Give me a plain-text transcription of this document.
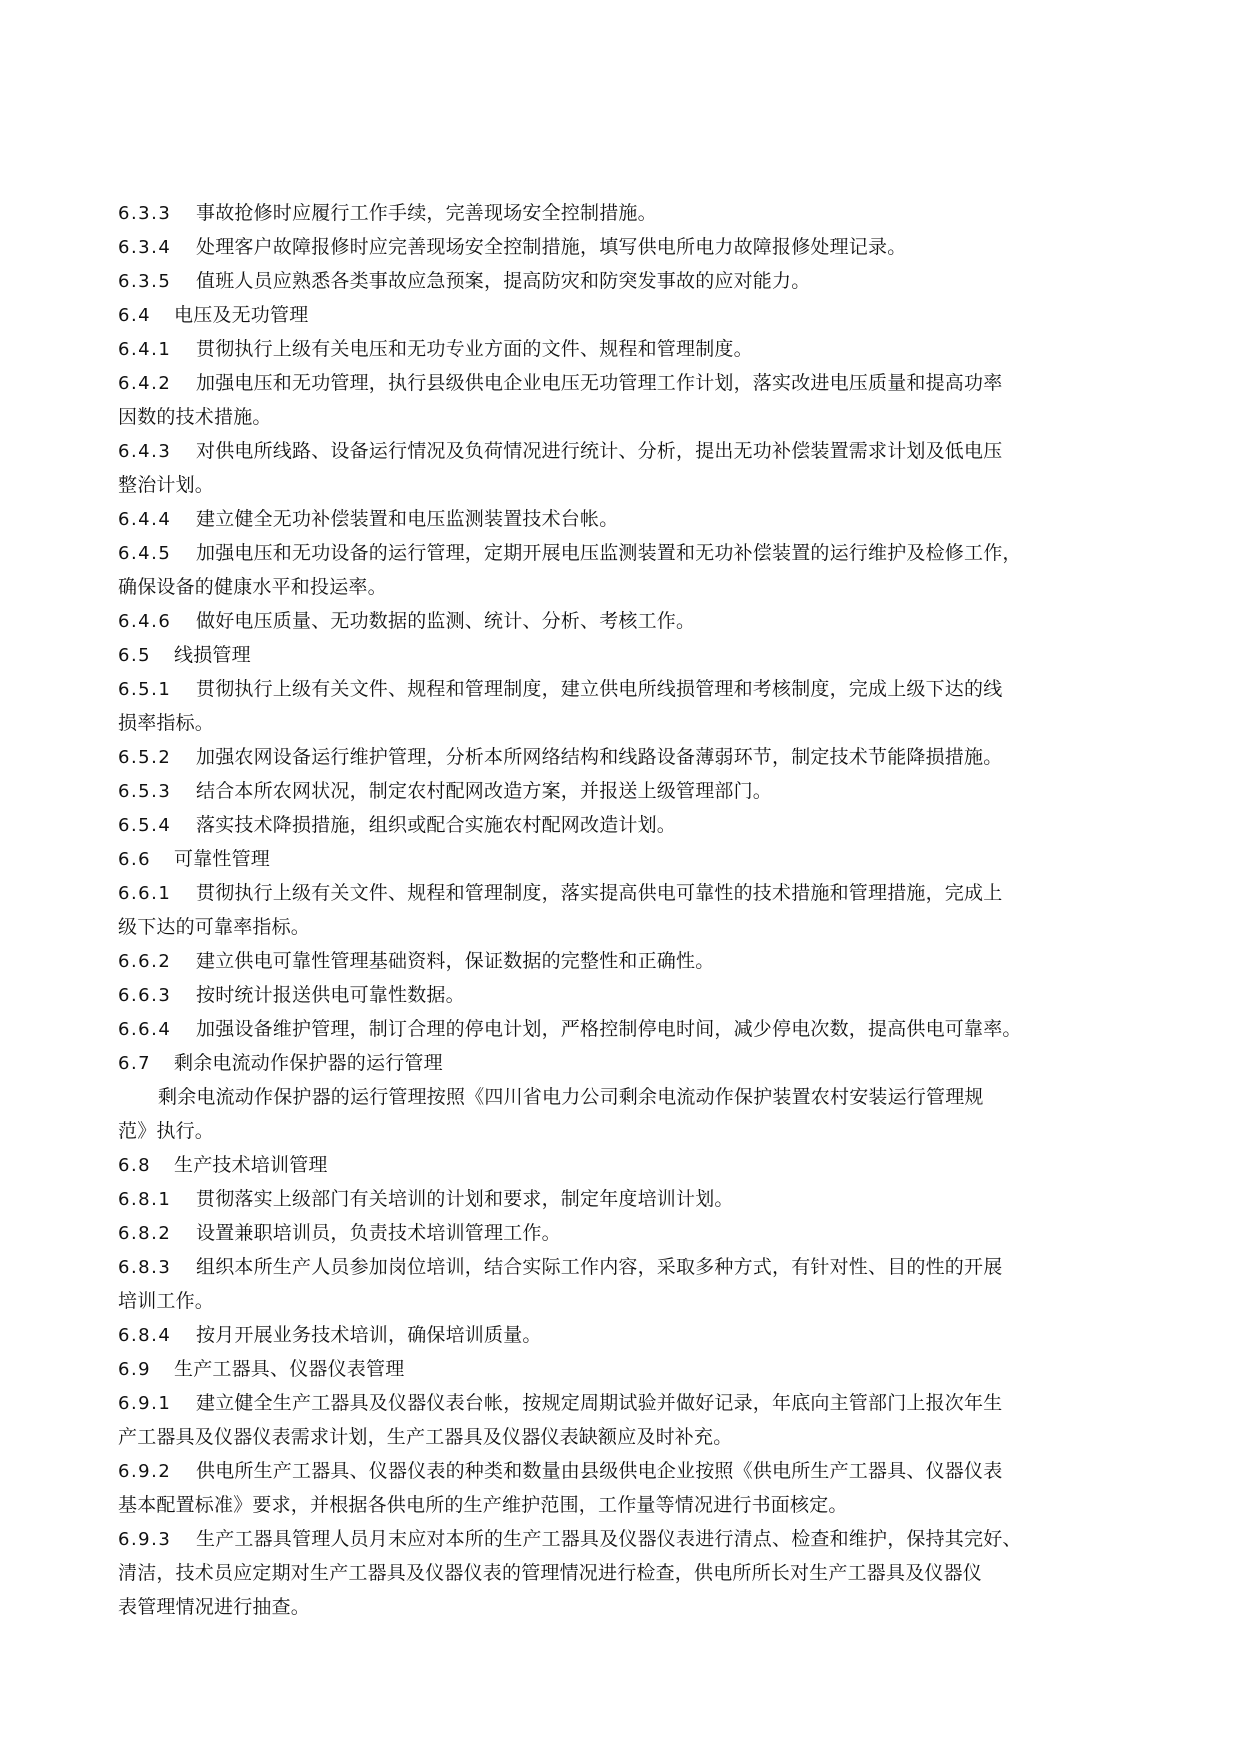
6.3.3 事故抢修时应履行工作手续，完善现场安全控制措施。
6.3.4 处理客户故障报修时应完善现场安全控制措施，填写供电所电力故障报修处理记录。
6.3.5 值班人员应熟悉各类事故应急预案，提高防灾和防突发事故的应对能力。
6.4 电压及无功管理
6.4.1 贯彻执行上级有关电压和无功专业方面的文件、规程和管理制度。
6.4.2 加强电压和无功管理，执行县级供电企业电压无功管理工作计划，落实改进电压质量和提高功率
因数的技术措施。
6.4.3 对供电所线路、设备运行情况及负荷情况进行统计、分析，提出无功补偿装置需求计划及低电压
整治计划。
6.4.4 建立健全无功补偿装置和电压监测装置技术台帐。
6.4.5 加强电压和无功设备的运行管理，定期开展电压监测装置和无功补偿装置的运行维护及检修工作，
确保设备的健康水平和投运率。
6.4.6 做好电压质量、无功数据的监测、统计、分析、考核工作。
6.5 线损管理
6.5.1 贯彻执行上级有关文件、规程和管理制度，建立供电所线损管理和考核制度，完成上级下达的线
损率指标。
6.5.2 加强农网设备运行维护管理，分析本所网络结构和线路设备薄弱环节，制定技术节能降损措施。
6.5.3 结合本所农网状况，制定农村配网改造方案，并报送上级管理部门。
6.5.4 落实技术降损措施，组织或配合实施农村配网改造计划。
6.6 可靠性管理
6.6.1 贯彻执行上级有关文件、规程和管理制度，落实提高供电可靠性的技术措施和管理措施，完成上
级下达的可靠率指标。
6.6.2 建立供电可靠性管理基础资料，保证数据的完整性和正确性。
6.6.3 按时统计报送供电可靠性数据。
6.6.4 加强设备维护管理，制订合理的停电计划，严格控制停电时间，减少停电次数，提高供电可靠率。
6.7 剩余电流动作保护器的运行管理
剩余电流动作保护器的运行管理按照《四川省电力公司剩余电流动作保护装置农村安装运行管理规
范》执行。
6.8 生产技术培训管理
6.8.1 贯彻落实上级部门有关培训的计划和要求，制定年度培训计划。
6.8.2 设置兼职培训员，负责技术培训管理工作。
6.8.3 组织本所生产人员参加岗位培训，结合实际工作内容，采取多种方式，有针对性、目的性的开展
培训工作。
6.8.4 按月开展业务技术培训，确保培训质量。
6.9 生产工器具、仪器仪表管理
6.9.1 建立健全生产工器具及仪器仪表台帐，按规定周期试验并做好记录，年底向主管部门上报次年生
产工器具及仪器仪表需求计划，生产工器具及仪器仪表缺额应及时补充。
6.9.2 供电所生产工器具、仪器仪表的种类和数量由县级供电企业按照《供电所生产工器具、仪器仪表
基本配置标准》要求，并根据各供电所的生产维护范围，工作量等情况进行书面核定。
6.9.3 生产工器具管理人员月末应对本所的生产工器具及仪器仪表进行清点、检查和维护，保持其完好、
清洁，技术员应定期对生产工器具及仪器仪表的管理情况进行检查，供电所所长对生产工器具及仪器仪
表管理情况进行抽查。
